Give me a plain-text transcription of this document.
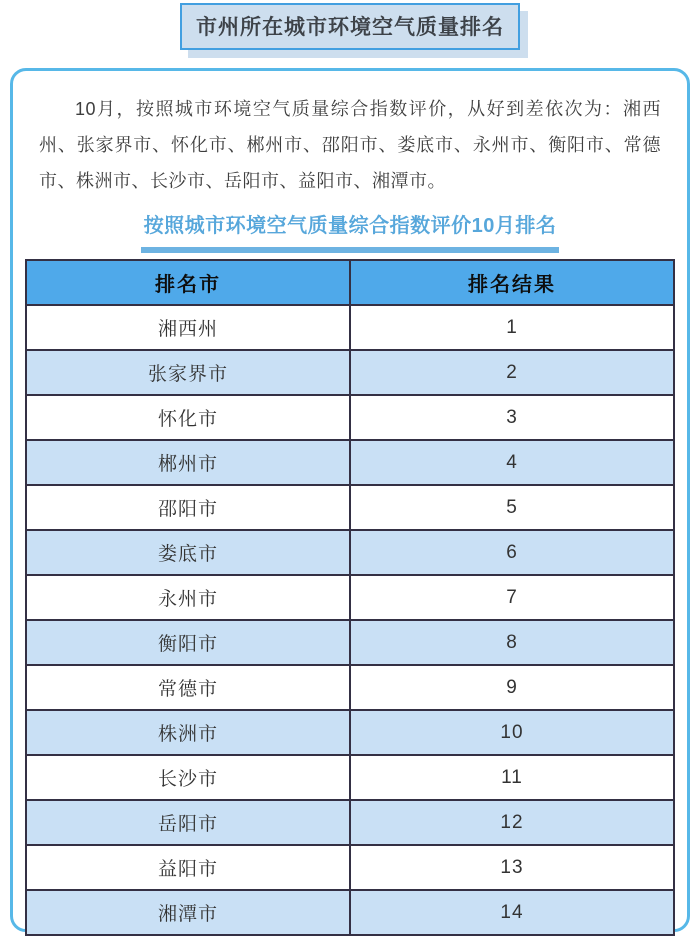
市州所在城市环境空气质量排名

10月，按照城市环境空气质量综合指数评价，从好到差依次为：湘西州、张家界市、怀化市、郴州市、邵阳市、娄底市、永州市、衡阳市、常德市、株洲市、长沙市、岳阳市、益阳市、湘潭市。

按照城市环境空气质量综合指数评价10月排名
排名市	排名结果
湘西州	1
张家界市	2
怀化市	3
郴州市	4
邵阳市	5
娄底市	6
永州市	7
衡阳市	8
常德市	9
株洲市	10
长沙市	11
岳阳市	12
益阳市	13
湘潭市	14
